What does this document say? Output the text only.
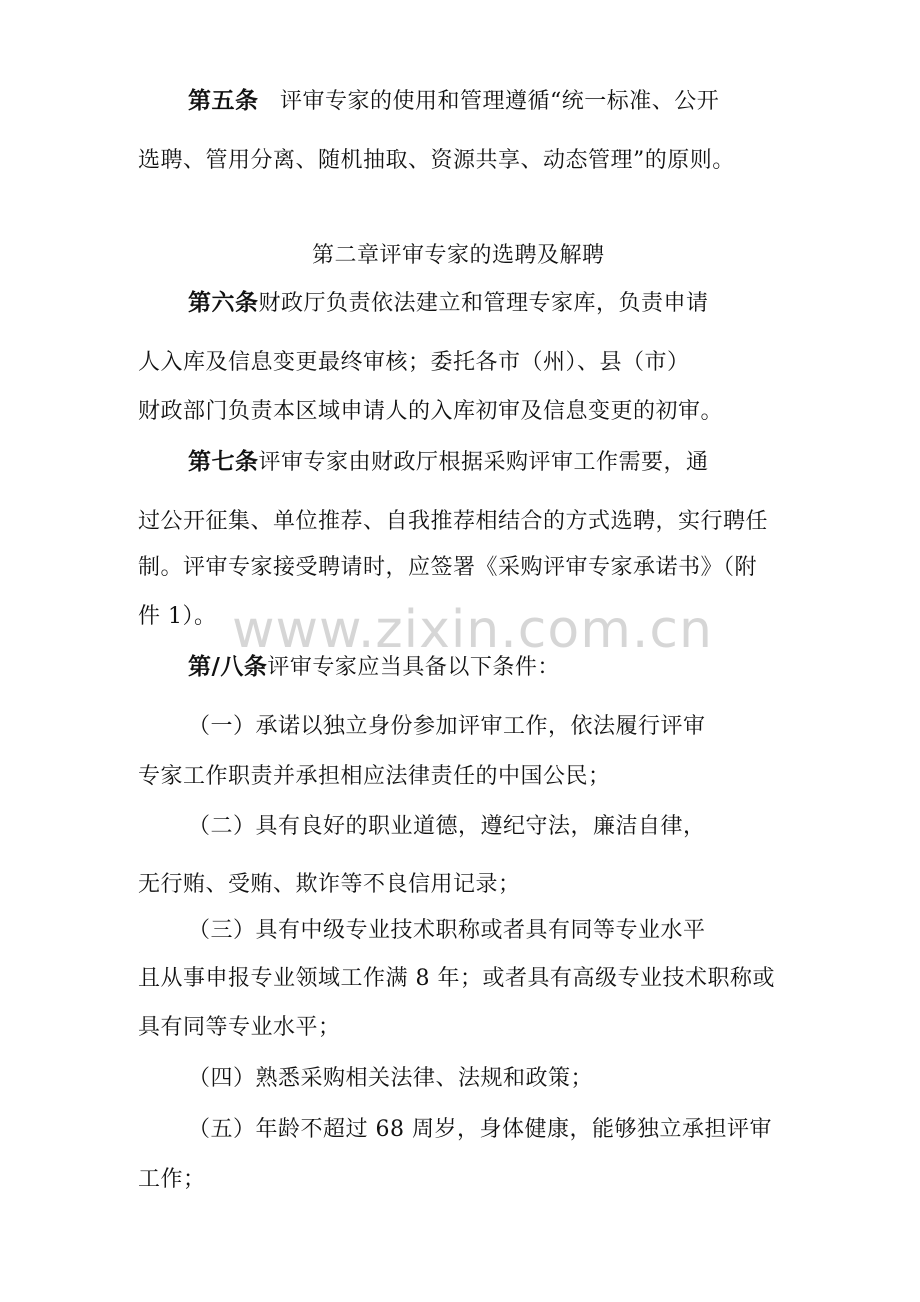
www.zixin.com.cn
第五条 评审专家的使用和管理遵循“统一标准、公开
选聘、管用分离、随机抽取、资源共享、动态管理”的原则。
第二章评审专家的选聘及解聘
第六条财政厅负责依法建立和管理专家库，负责申请
人入库及信息变更最终审核；委托各市（州）、县（市）
财政部门负责本区域申请人的入库初审及信息变更的初审。
第七条评审专家由财政厅根据采购评审工作需要，通
过公开征集、单位推荐、自我推荐相结合的方式选聘，实行聘任
制。评审专家接受聘请时，应签署《采购评审专家承诺书》（附
件 1）。
第/八条评审专家应当具备以下条件：
（一）承诺以独立身份参加评审工作，依法履行评审
专家工作职责并承担相应法律责任的中国公民；
（二）具有良好的职业道德，遵纪守法，廉洁自律，
无行贿、受贿、欺诈等不良信用记录；
（三）具有中级专业技术职称或者具有同等专业水平
且从事申报专业领域工作满 8 年；或者具有高级专业技术职称或
具有同等专业水平；
（四）熟悉采购相关法律、法规和政策；
（五）年龄不超过 68 周岁，身体健康，能够独立承担评审
工作；
